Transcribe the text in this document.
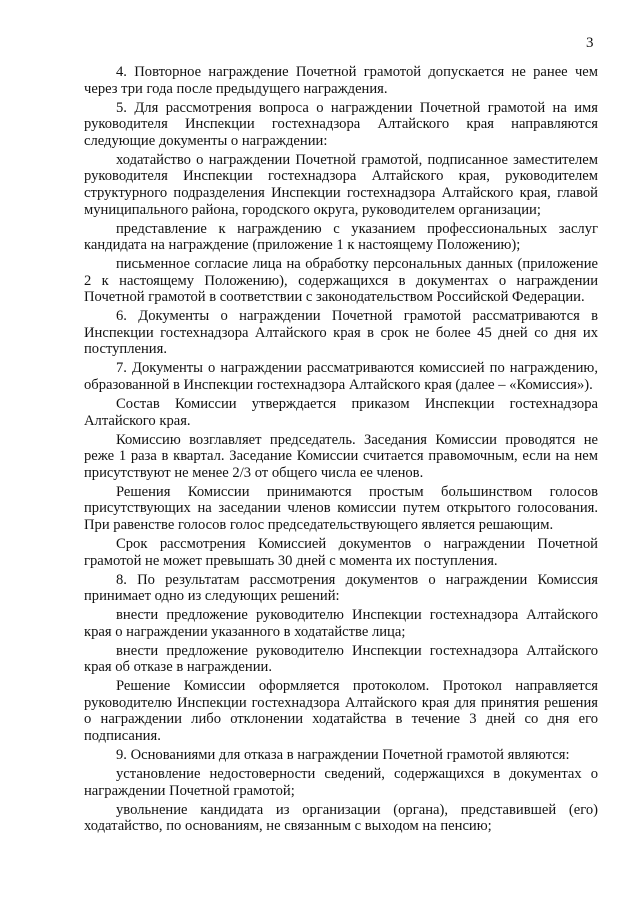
3

4. Повторное награждение Почетной грамотой допускается не ранее чем через три года после предыдущего награждения.

5. Для рассмотрения вопроса о награждении Почетной грамотой на имя руководителя Инспекции гостехнадзора Алтайского края направляются следующие документы о награждении:

ходатайство о награждении Почетной грамотой, подписанное заместителем руководителя Инспекции гостехнадзора Алтайского края, руководителем структурного подразделения Инспекции гостехнадзора Алтайского края, главой муниципального района, городского округа, руководителем организации;

представление к награждению с указанием профессиональных заслуг кандидата на награждение (приложение 1 к настоящему Положению);

письменное согласие лица на обработку персональных данных (приложение 2 к настоящему Положению), содержащихся в документах о награждении Почетной грамотой в соответствии с законодательством Российской Федерации.

6. Документы о награждении Почетной грамотой рассматриваются в Инспекции гостехнадзора Алтайского края в срок не более 45 дней со дня их поступления.

7. Документы о награждении рассматриваются комиссией по награждению, образованной в Инспекции гостехнадзора Алтайского края (далее – «Комиссия»).

Состав Комиссии утверждается приказом Инспекции гостехнадзора Алтайского края.

Комиссию возглавляет председатель. Заседания Комиссии проводятся не реже 1 раза в квартал. Заседание Комиссии считается правомочным, если на нем присутствуют не менее 2/3 от общего числа ее членов.

Решения Комиссии принимаются простым большинством голосов присутствующих на заседании членов комиссии путем открытого голосования. При равенстве голосов голос председательствующего является решающим.

Срок рассмотрения Комиссией документов о награждении Почетной грамотой не может превышать 30 дней с момента их поступления.

8. По результатам рассмотрения документов о награждении Комиссия принимает одно из следующих решений:

внести предложение руководителю Инспекции гостехнадзора Алтайского края о награждении указанного в ходатайстве лица;

внести предложение руководителю Инспекции гостехнадзора Алтайского края об отказе в награждении.

Решение Комиссии оформляется протоколом. Протокол направляется руководителю Инспекции гостехнадзора Алтайского края для принятия решения о награждении либо отклонении ходатайства в течение 3 дней со дня его подписания.

9. Основаниями для отказа в награждении Почетной грамотой являются:

установление недостоверности сведений, содержащихся в документах о награждении Почетной грамотой;

увольнение кандидата из организации (органа), представившей (его) ходатайство, по основаниям, не связанным с выходом на пенсию;
